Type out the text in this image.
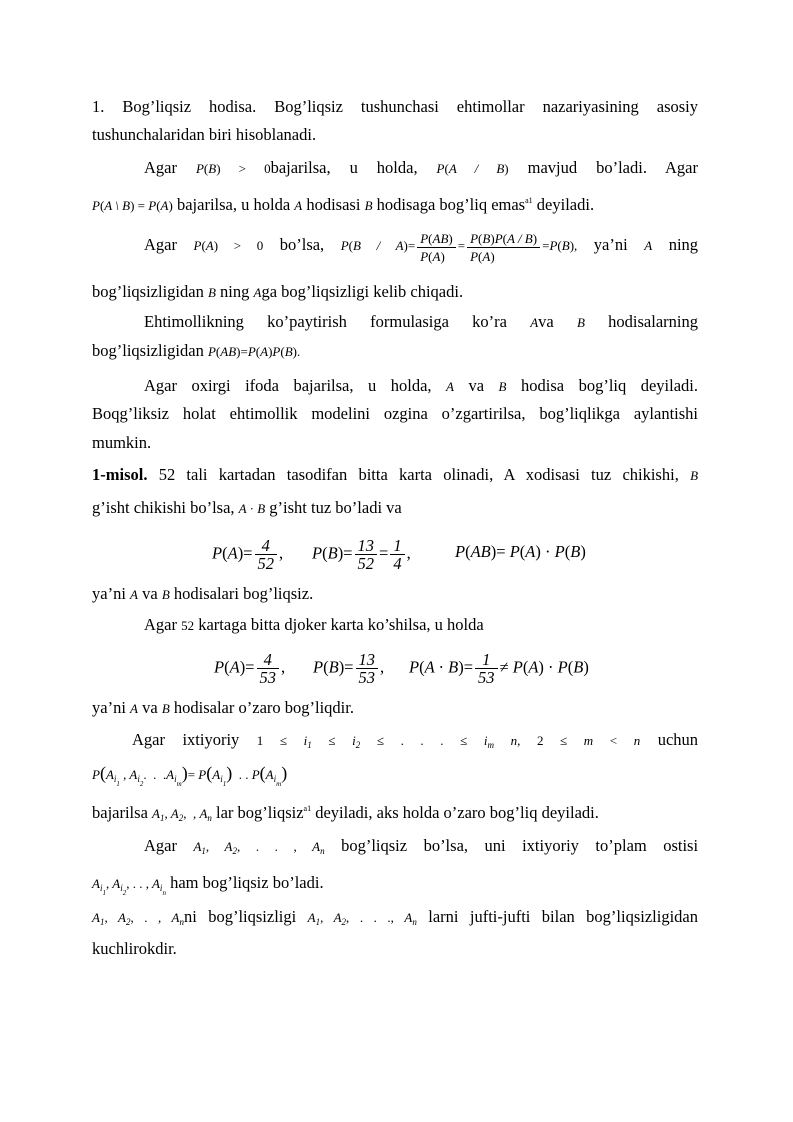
1. Bog’liqsiz hodisa. Bog’liqsiz tushunchasi ehtimollar nazariyasining asosiy
tushunchalaridan biri hisoblanadi.
Agar P(B) > 0bajarilsa, u holda, P(A / B) mavjud bo’ladi. Agar
P(A \ B) = P(A) bajarilsa, u holda A hodisasi B hodisaga bog’liq emas$^{a1}$ deyiladi.
Agar P(A) > 0 bo’lsa, $P(B / A)= \frac{P(AB)}{P(A)} = \frac{P(B)P(A / B)}{P(A)} =P(B)$, ya’ni A ning
bog’liqsizligidan B ning Aga bog’liqsizligi kelib chiqadi.
Ehtimollikning ko’paytirish formulasiga ko’ra Ava B hodisalarning
bog’liqsizligidan P(AB)=P(A)P(B).
Agar oxirgi ifoda bajarilsa, u holda, A va B hodisa bog’liq deyiladi.
Boqg’liksiz holat ehtimollik modelini ozgina o’zgartirilsa, bog’liqlikga aylantishi
mumkin.
1-misol. 52 tali kartadan tasodifan bitta karta olinadi, A xodisasi tuz chikishi, B
g’isht chikishi bo’lsa, A · B g’isht tuz bo’ladi va
$P(A)= \frac{4}{52}$ , $P(B)= \frac{13}{52} = \frac{1}{4}$ ,	P(AB)= P(A) · P(B)
ya’ni A va B hodisalari bog’liqsiz.
Agar 52 kartaga bitta djoker karta ko’shilsa, u holda
$P(A)= \frac{4}{53}$ , $P(B)= \frac{13}{53}$ , $P(A \cdot B)= \frac{1}{53} \ne P(A) \cdot P(B)$
ya’ni A va B hodisalar o’zaro bog’liqdir.
Agar ixtiyoriy $1 \le i_1 \le i_2$ ≤ . . . ≤ $i_m$ n, 2 ≤ m < n uchun
$P(A_{i_1}$ , $A_{i_2}$.  .  $.A_{i_m})= P(A_{i_1})$  . . $P(A_{i_m})$
bajarilsa $A_1$, $A_2$,  , $A_n$ lar bog’liqsiz$^{a1}$ deyiladi, aks holda o’zaro bog’liq deyiladi.
Agar $A_1$, $A_2$, . . , $A_n$ bog’liqsiz bo’lsa, uni ixtiyoriy to’plam ostisi
$A_{i_1}$, $A_{i_2}$, . . , $A_{i_n}$ ham bog’liqsiz bo’ladi.
$A_1$, $A_2$, . , $A_nni$ bog’liqsizligi $A_1$, $A_2$, . . ., $A_n$ larni jufti-jufti bilan bog’liqsizligidan
kuchlirokdir.
